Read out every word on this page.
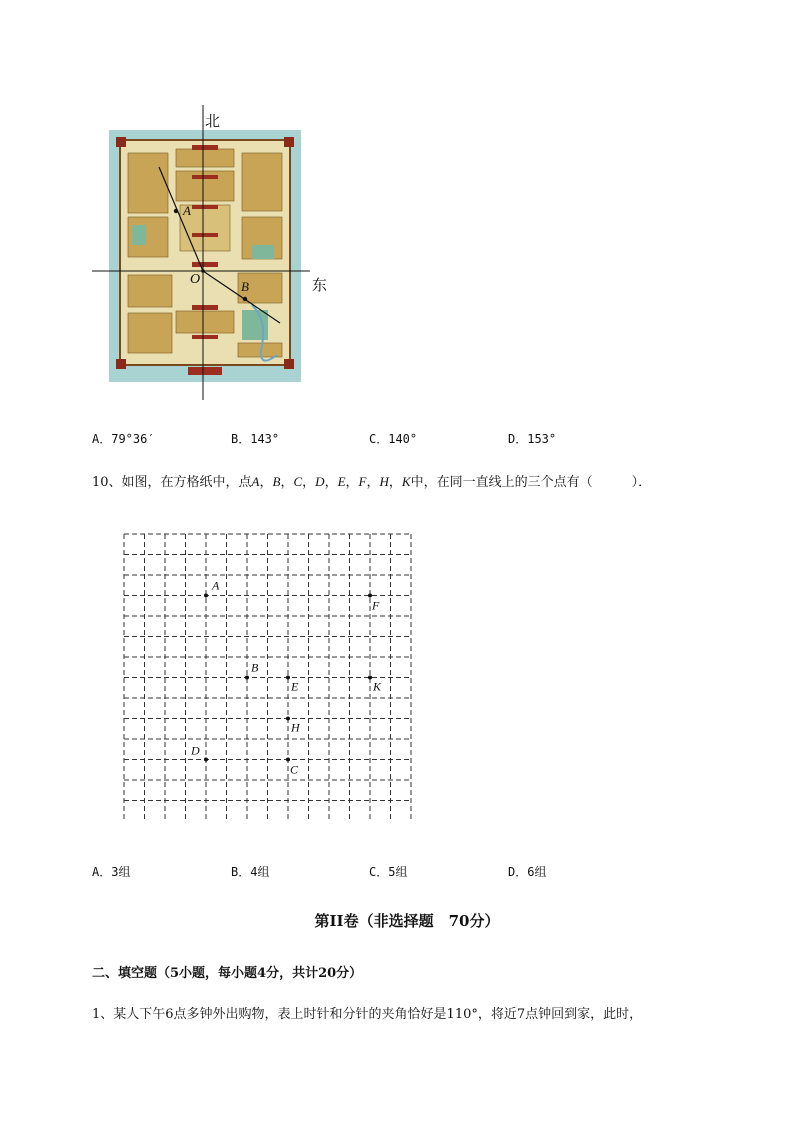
北
东
O
A
B
A．79°36′	B．143°	C．140°	D．153°
10、如图，在方格纸中，点A，B，C，D，E，F，H，K中，在同一直线上的三个点有（　　　）．
A
F
B
E	K
H
D
C
A．3组	B．4组	C．5组	D．6组
第II卷（非选择题　70分）
二、填空题（5小题，每小题4分，共计20分）
1、某人下午6点多钟外出购物，表上时针和分针的夹角恰好是110°，将近7点钟回到家，此时，
